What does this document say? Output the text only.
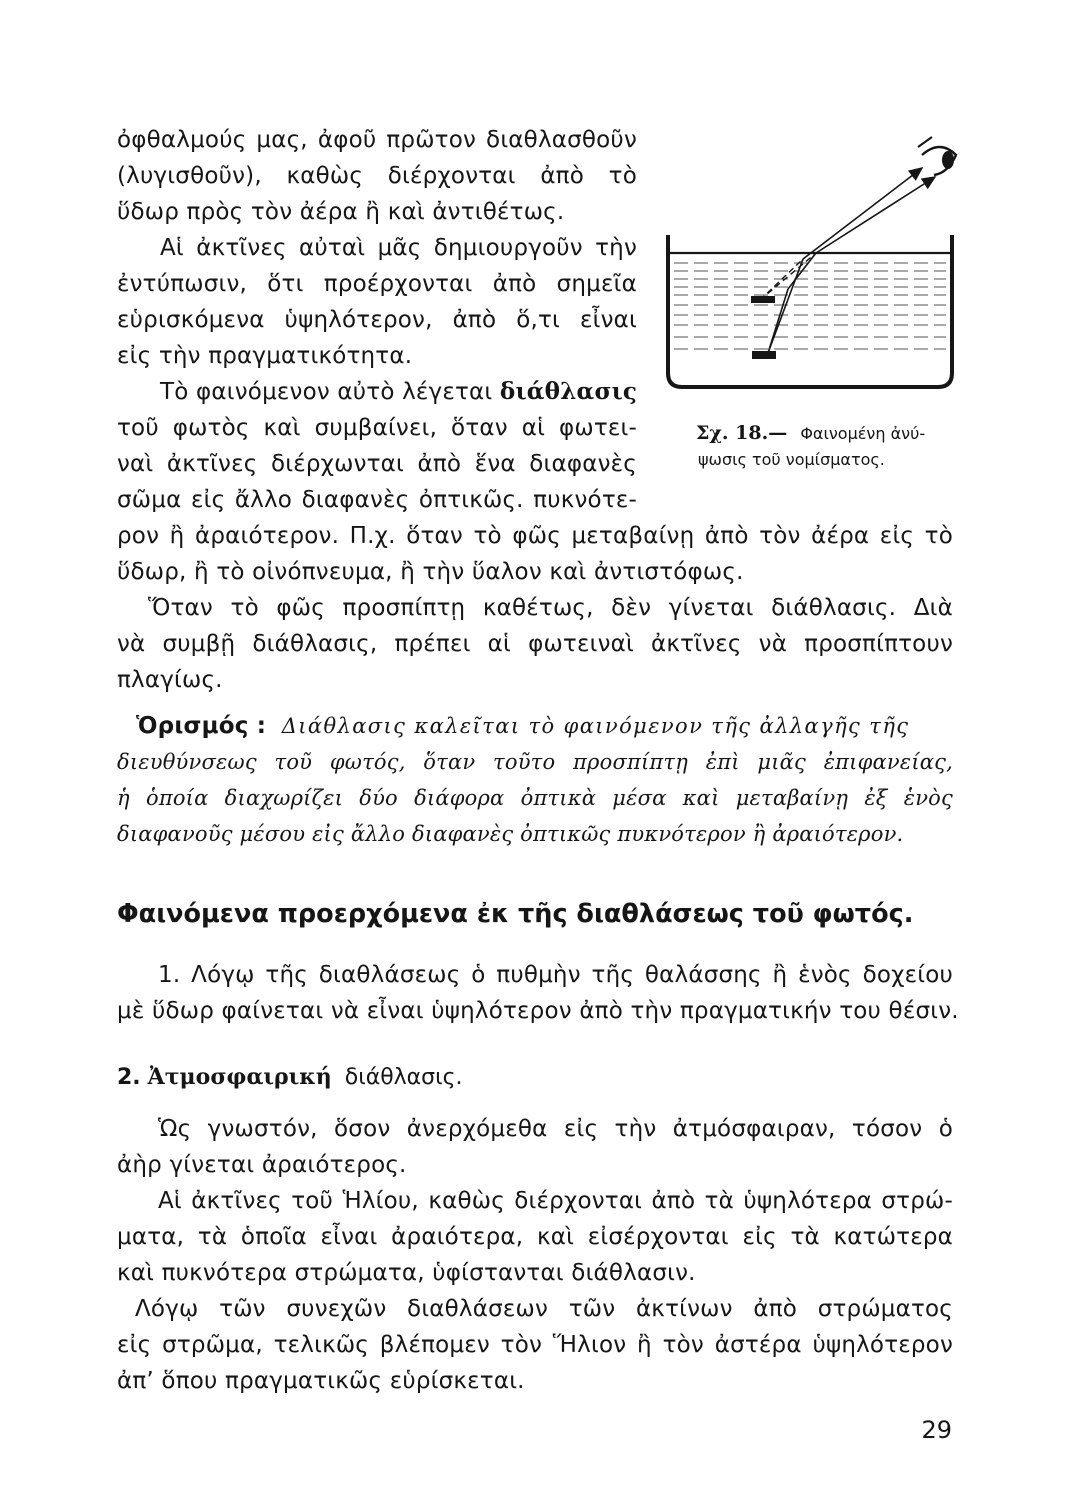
ὀφθαλμούς μας, ἀφοῦ πρῶτον διαθλασθοῦν
(λυγισθοῦν), καθὼς διέρχονται ἀπὸ τὸ
ὕδωρ πρὸς τὸν ἀέρα ἢ καὶ ἀντιθέτως.
Αἱ ἀκτῖνες αὐταὶ μᾶς δημιουργοῦν τὴν
ἐντύπωσιν, ὅτι προέρχονται ἀπὸ σημεῖα
εὑρισκόμενα ὑψηλότερον, ἀπὸ ὅ,τι εἶναι
εἰς τὴν πραγματικότητα.
Τὸ φαινόμενον αὐτὸ λέγεται διάθλασις
τοῦ φωτὸς καὶ συμβαίνει, ὅταν αἱ φωτει-
ναὶ ἀκτῖνες διέρχωνται ἀπὸ ἕνα διαφανὲς
σῶμα εἰς ἄλλο διαφανὲς ὀπτικῶς. πυκνότε-
ρον ἢ ἀραιότερον. Π.χ. ὅταν τὸ φῶς μεταβαίνῃ ἀπὸ τὸν ἀέρα εἰς τὸ
ὕδωρ, ἢ τὸ οἰνόπνευμα, ἢ τὴν ὕαλον καὶ ἀντιστόφως.
Ὅταν τὸ φῶς προσπίπτῃ καθέτως, δὲν γίνεται διάθλασις. Διὰ
νὰ συμβῇ διάθλασις, πρέπει αἱ φωτειναὶ ἀκτῖνες νὰ προσπίπτουν
πλαγίως.
Ὁρισμός : Διάθλασις καλεῖται τὸ φαινόμενον τῆς ἀλλαγῆς τῆς
διευθύνσεως τοῦ φωτός, ὅταν τοῦτο προσπίπτῃ ἐπὶ μιᾶς ἐπιφανείας,
ἡ ὁποία διαχωρίζει δύο διάφορα ὀπτικὰ μέσα καὶ μεταβαίνῃ ἐξ ἑνὸς
διαφανοῦς μέσου εἰς ἄλλο διαφανὲς ὀπτικῶς πυκνότερον ἢ ἀραιότερον.
Σχ. 18.— Φαινομένη ἀνύ-
ψωσις τοῦ νομίσματος.
Φαινόμενα προερχόμενα ἐκ τῆς διαθλάσεως τοῦ φωτός.
1. Λόγῳ τῆς διαθλάσεως ὁ πυθμὴν τῆς θαλάσσης ἢ ἑνὸς δοχείου
μὲ ὕδωρ φαίνεται νὰ εἶναι ὑψηλότερον ἀπὸ τὴν πραγματικήν του θέσιν.
2. Ἀτμοσφαιρική διάθλασις.
Ὡς γνωστόν, ὅσον ἀνερχόμεθα εἰς τὴν ἀτμόσφαιραν, τόσον ὁ
ἀὴρ γίνεται ἀραιότερος.
Αἱ ἀκτῖνες τοῦ Ἡλίου, καθὼς διέρχονται ἀπὸ τὰ ὑψηλότερα στρώ-
ματα, τὰ ὁποῖα εἶναι ἀραιότερα, καὶ εἰσέρχονται εἰς τὰ κατώτερα
καὶ πυκνότερα στρώματα, ὑφίστανται διάθλασιν.
Λόγῳ τῶν συνεχῶν διαθλάσεων τῶν ἀκτίνων ἀπὸ στρώματος
εἰς στρῶμα, τελικῶς βλέπομεν τὸν Ἥλιον ἢ τὸν ἀστέρα ὑψηλότερον
ἀπ’ ὅπου πραγματικῶς εὑρίσκεται.
29
